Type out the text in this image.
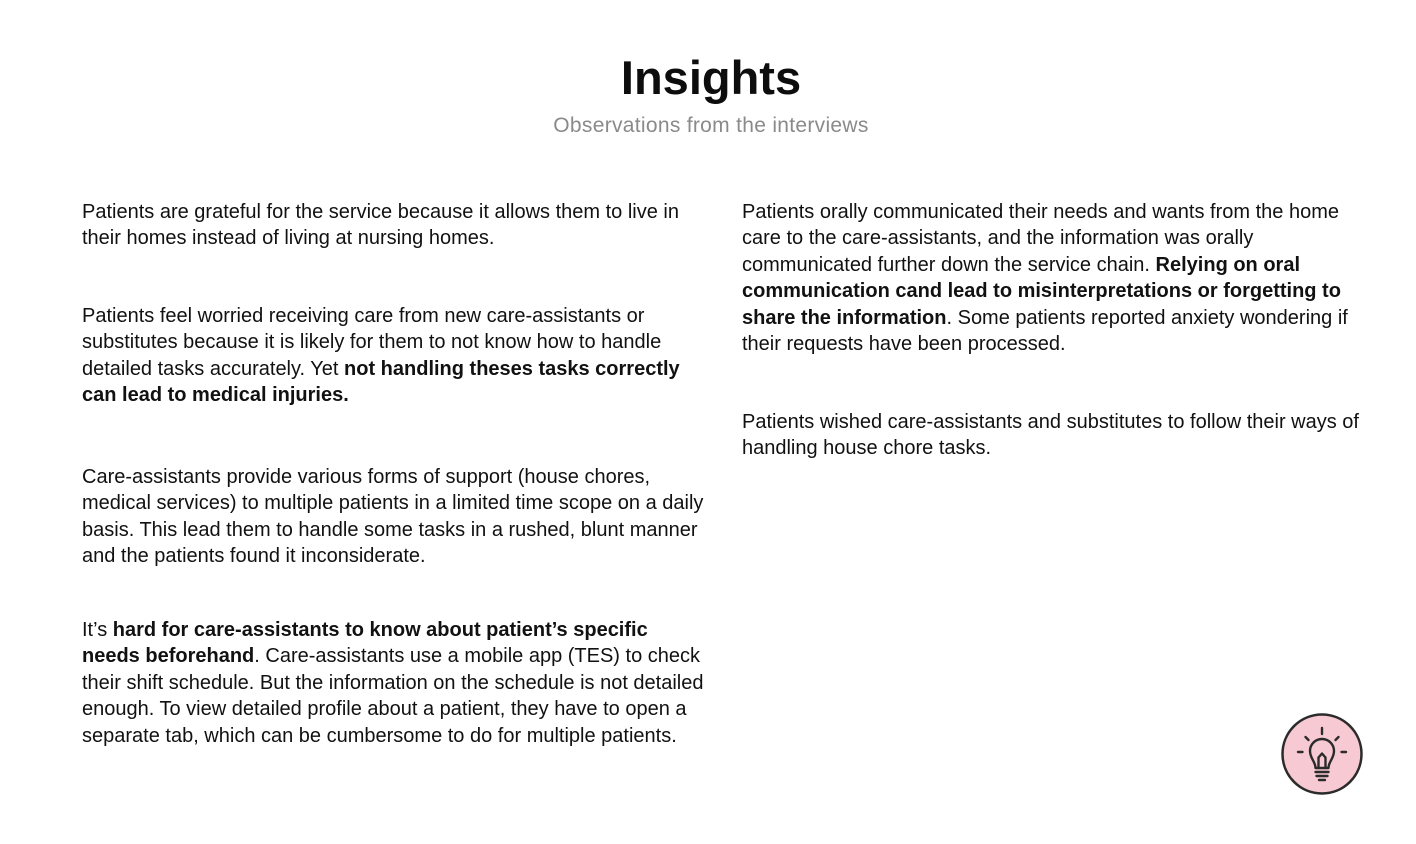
Insights
Observations from the interviews

Patients are grateful for the service because it allows them to live in their homes instead of living at nursing homes.

Patients feel worried receiving care from new care-assistants or substitutes because it is likely for them to not know how to handle detailed tasks accurately. Yet not handling theses tasks correctly can lead to medical injuries.

Care-assistants provide various forms of support (house chores, medical services) to multiple patients in a limited time scope on a daily basis. This lead them to handle some tasks in a rushed, blunt manner and the patients found it inconsiderate.

It’s hard for care-assistants to know about patient’s specific needs beforehand. Care-assistants use a mobile app (TES) to check their shift schedule. But the information on the schedule is not detailed enough. To view detailed profile about a patient, they have to open a separate tab, which can be cumbersome to do for multiple patients.

Patients orally communicated their needs and wants from the home care to the care-assistants, and the information was orally communicated further down the service chain. Relying on oral communication cand lead to misinterpretations or forgetting to share the information. Some patients reported anxiety wondering if their requests have been processed.

Patients wished care-assistants and substitutes to follow their ways of handling house chore tasks.
